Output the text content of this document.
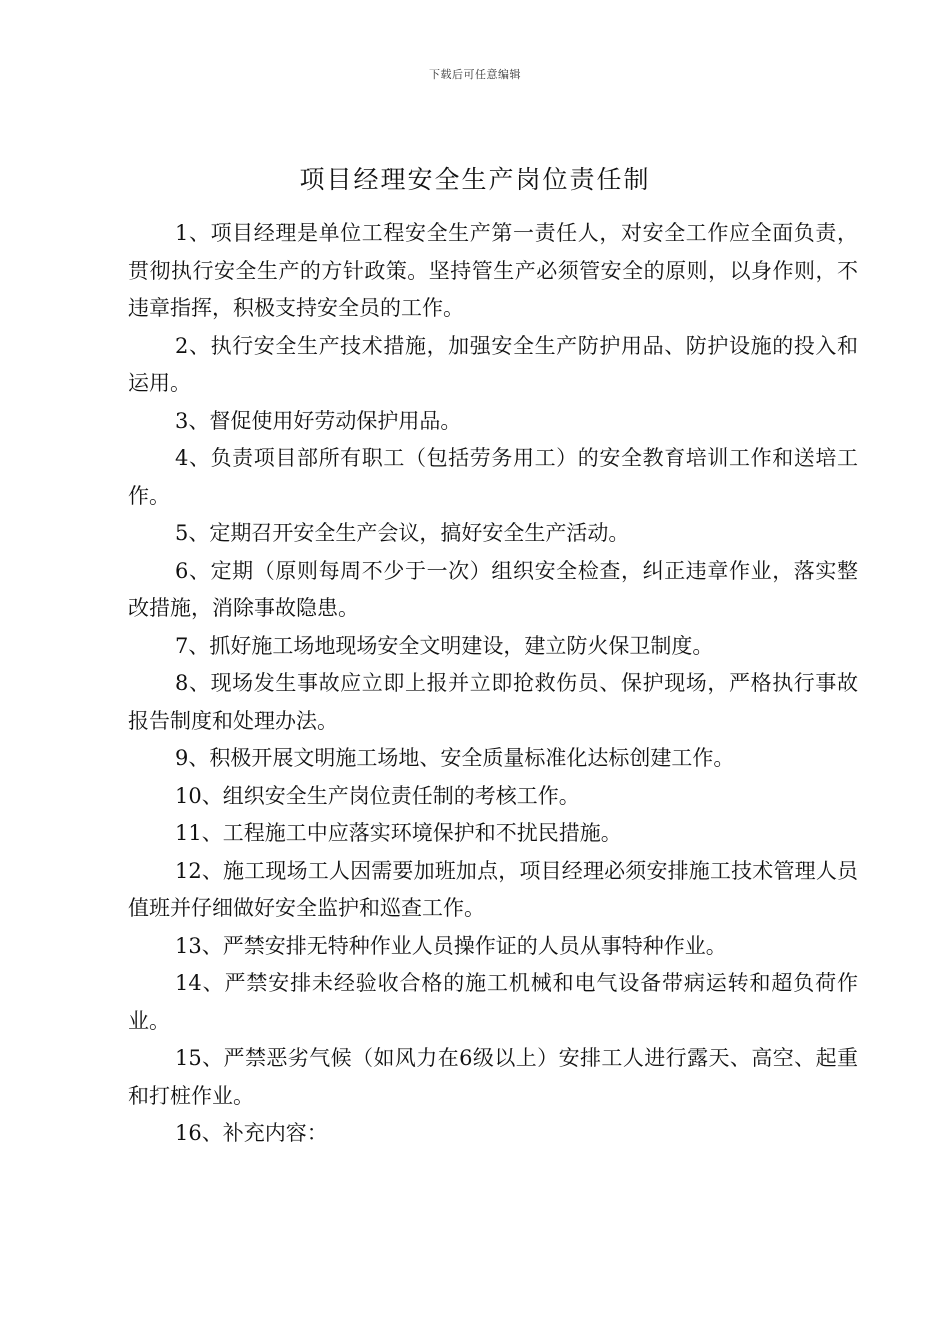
下载后可任意编辑
项目经理安全生产岗位责任制

1、项目经理是单位工程安全生产第一责任人，对安全工作应全面负责，贯彻执行安全生产的方针政策。坚持管生产必须管安全的原则，以身作则，不违章指挥，积极支持安全员的工作。

2、执行安全生产技术措施，加强安全生产防护用品、防护设施的投入和运用。

3、督促使用好劳动保护用品。

4、负责项目部所有职工（包括劳务用工）的安全教育培训工作和送培工作。

5、定期召开安全生产会议，搞好安全生产活动。

6、定期（原则每周不少于一次）组织安全检查，纠正违章作业，落实整改措施，消除事故隐患。

7、抓好施工场地现场安全文明建设，建立防火保卫制度。

8、现场发生事故应立即上报并立即抢救伤员、保护现场，严格执行事故报告制度和处理办法。

9、积极开展文明施工场地、安全质量标准化达标创建工作。

10、组织安全生产岗位责任制的考核工作。

11、工程施工中应落实环境保护和不扰民措施。

12、施工现场工人因需要加班加点，项目经理必须安排施工技术管理人员值班并仔细做好安全监护和巡查工作。

13、严禁安排无特种作业人员操作证的人员从事特种作业。

14、严禁安排未经验收合格的施工机械和电气设备带病运转和超负荷作业。

15、严禁恶劣气候（如风力在6级以上）安排工人进行露天、高空、起重和打桩作业。

16、补充内容：
